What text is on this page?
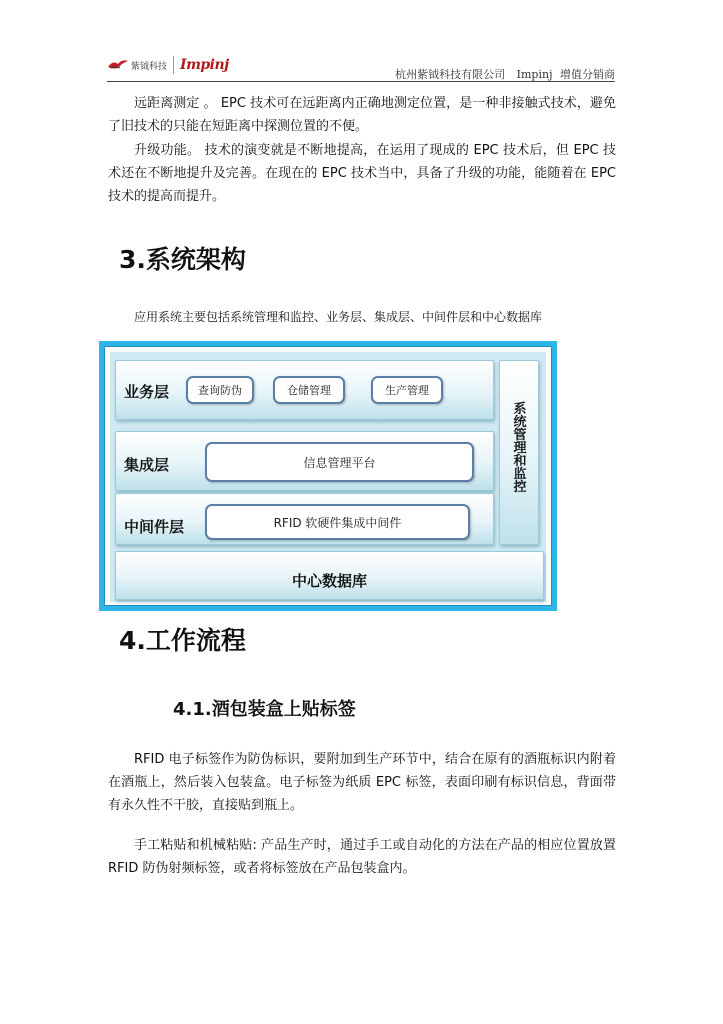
紫钺科技 Impinj
杭州紫钺科技有限公司 Impinj 增值分销商
远距离测定 。 EPC 技术可在远距离内正确地测定位置，是一种非接触式技术，避免了旧技术的只能在短距离中探测位置的不便。
升级功能。 技术的演变就是不断地提高，在运用了现成的 EPC 技术后，但 EPC 技术还在不断地提升及完善。在现在的 EPC 技术当中，具备了升级的功能，能随着在 EPC 技术的提高而提升。
3.系统架构
应用系统主要包括系统管理和监控、业务层、集成层、中间件层和中心数据库
业务层	查询防伪	仓储管理	生产管理
集成层	信息管理平台
中间件层	RFID 软硬件集成中间件
系统管理和监控
中心数据库
4.工作流程
4.1.酒包装盒上贴标签
RFID 电子标签作为防伪标识，要附加到生产环节中，结合在原有的酒瓶标识内附着在酒瓶上，然后装入包装盒。电子标签为纸质 EPC 标签，表面印刷有标识信息，背面带有永久性不干胶，直接贴到瓶上。
手工粘贴和机械粘贴: 产品生产时，通过手工或自动化的方法在产品的相应位置放置 RFID 防伪射频标签，或者将标签放在产品包装盒内。
